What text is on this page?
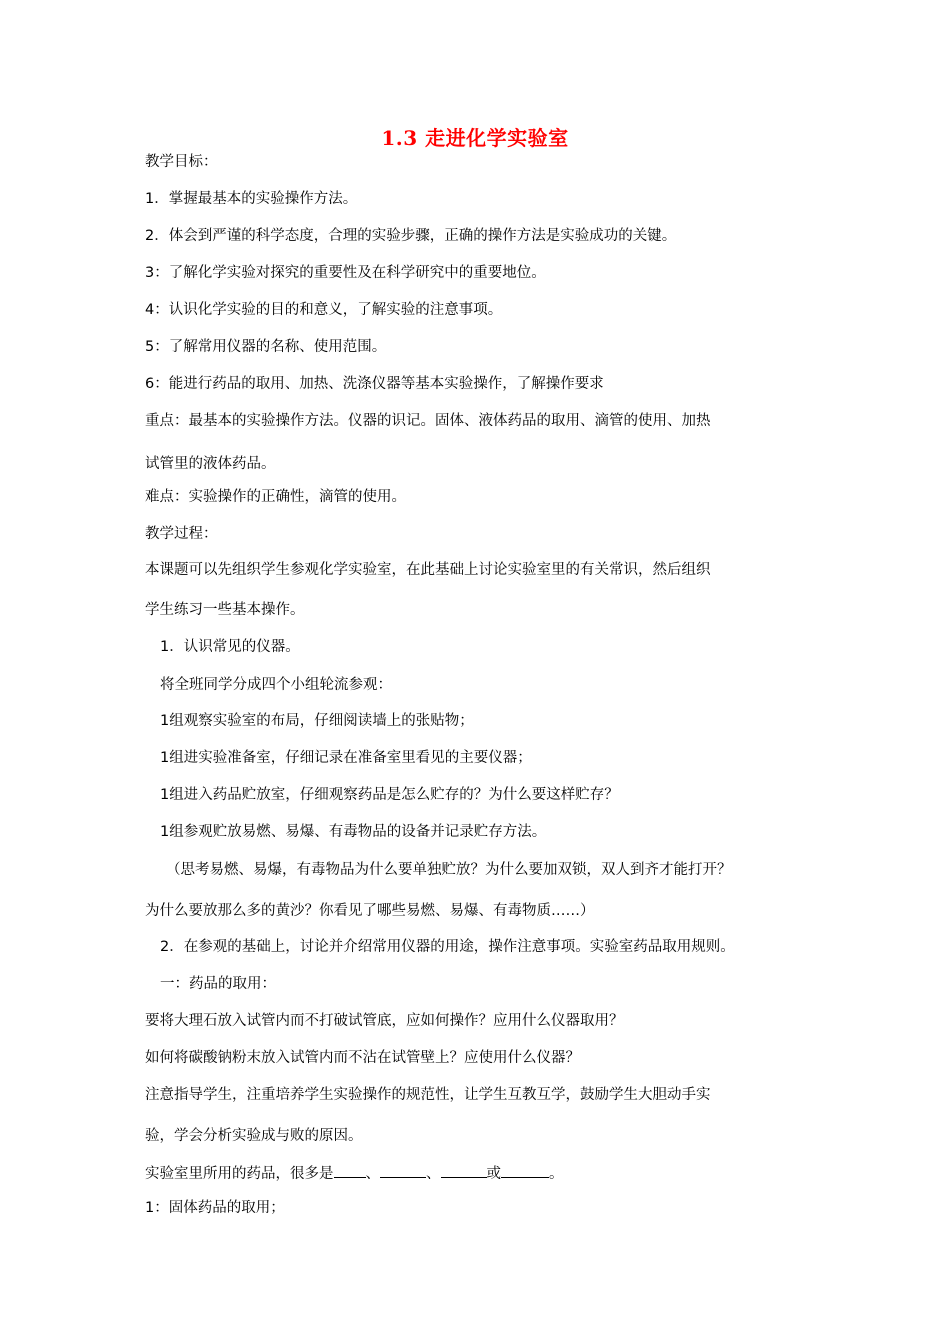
1.3 走进化学实验室
教学目标：
1．掌握最基本的实验操作方法。
2．体会到严谨的科学态度，合理的实验步骤，正确的操作方法是实验成功的关键。
3：了解化学实验对探究的重要性及在科学研究中的重要地位。
4：认识化学实验的目的和意义，了解实验的注意事项。
5：了解常用仪器的名称、使用范围。
6：能进行药品的取用、加热、洗涤仪器等基本实验操作，了解操作要求
重点：最基本的实验操作方法。仪器的识记。固体、液体药品的取用、滴管的使用、加热
试管里的液体药品。
难点：实验操作的正确性，滴管的使用。
教学过程：
本课题可以先组织学生参观化学实验室，在此基础上讨论实验室里的有关常识，然后组织
学生练习一些基本操作。
1．认识常见的仪器。
将全班同学分成四个小组轮流参观：
1组观察实验室的布局，仔细阅读墙上的张贴物；
1组进实验准备室，仔细记录在准备室里看见的主要仪器；
1组进入药品贮放室，仔细观察药品是怎么贮存的？为什么要这样贮存？
1组参观贮放易燃、易爆、有毒物品的设备并记录贮存方法。
（思考易燃、易爆，有毒物品为什么要单独贮放？为什么要加双锁，双人到齐才能打开？
为什么要放那么多的黄沙？你看见了哪些易燃、易爆、有毒物质……）
2．在参观的基础上，讨论并介绍常用仪器的用途，操作注意事项。实验室药品取用规则。
一：药品的取用：
要将大理石放入试管内而不打破试管底，应如何操作？应用什么仪器取用？
如何将碳酸钠粉末放入试管内而不沾在试管壁上？应使用什么仪器？
注意指导学生，注重培养学生实验操作的规范性，让学生互教互学，鼓励学生大胆动手实
验，学会分析实验成与败的原因。
实验室里所用的药品，很多是 、	、	或	。
1：固体药品的取用；
